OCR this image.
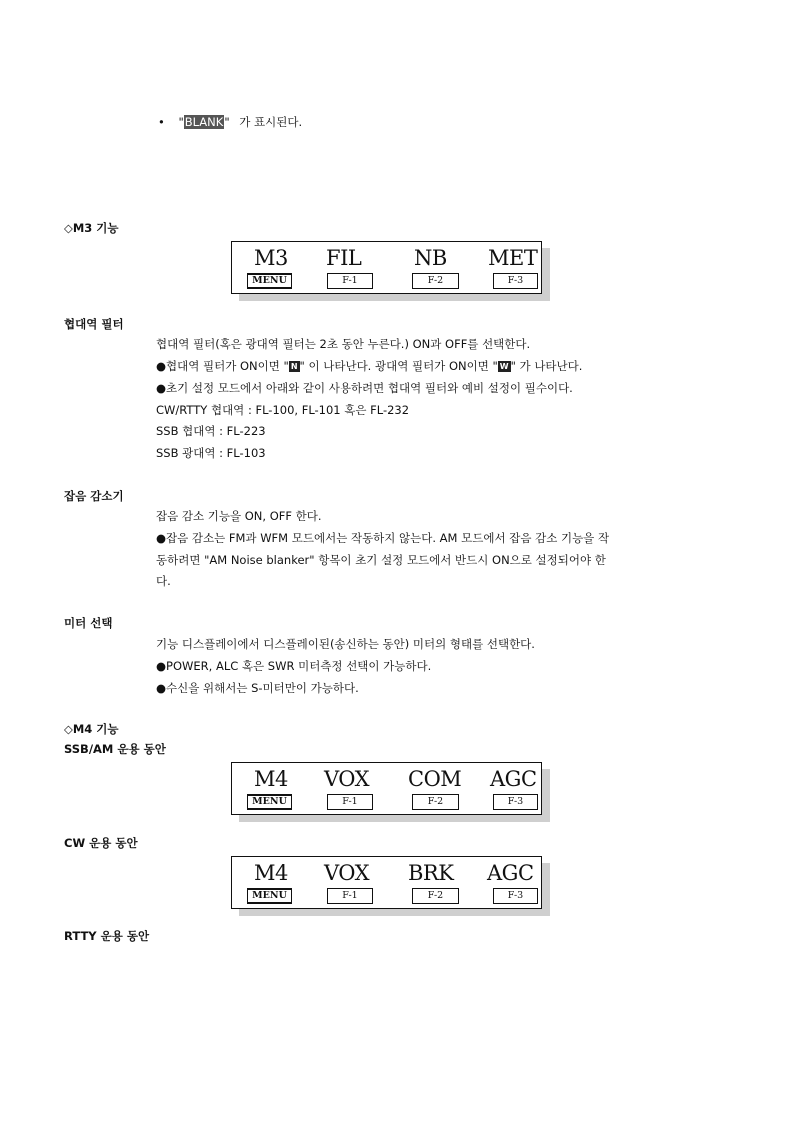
• "BLANK" 가 표시된다.
◇M3 기능
M3 FIL	NB MET
MENU	F-1	F-2	F-3
협대역 필터
협대역 필터(혹은 광대역 필터는 2초 동안 누른다.) ON과 OFF를 선택한다.
●협대역 필터가 ON이면 " N " 이 나타난다. 광대역 필터가 ON이면 " W " 가 나타난다.
●초기 설정 모드에서 아래와 같이 사용하려면 협대역 필터와 예비 설정이 필수이다.
CW/RTTY 협대역 : FL-100, FL-101 혹은 FL-232
SSB 협대역 : FL-223
SSB 광대역 : FL-103
잡음 감소기
잡음 감소 기능을 ON, OFF 한다.
●잡음 감소는 FM과 WFM 모드에서는 작동하지 않는다. AM 모드에서 잡음 감소 기능을 작
동하려면 "AM Noise blanker" 항목이 초기 설정 모드에서 반드시 ON으로 설정되어야 한
다.
미터 선택
기능 디스플레이에서 디스플레이된(송신하는 동안) 미터의 형태를 선택한다.
●POWER, ALC 혹은 SWR 미터측정 선택이 가능하다.
●수신을 위해서는 S-미터만이 가능하다.
◇M4 기능
SSB/AM 운용 동안
M4 VOX COM AGC
MENU	F-1	F-2	F-3
CW 운용 동안
M4 VOX BRK AGC
MENU	F-1	F-2	F-3
RTTY 운용 동안
